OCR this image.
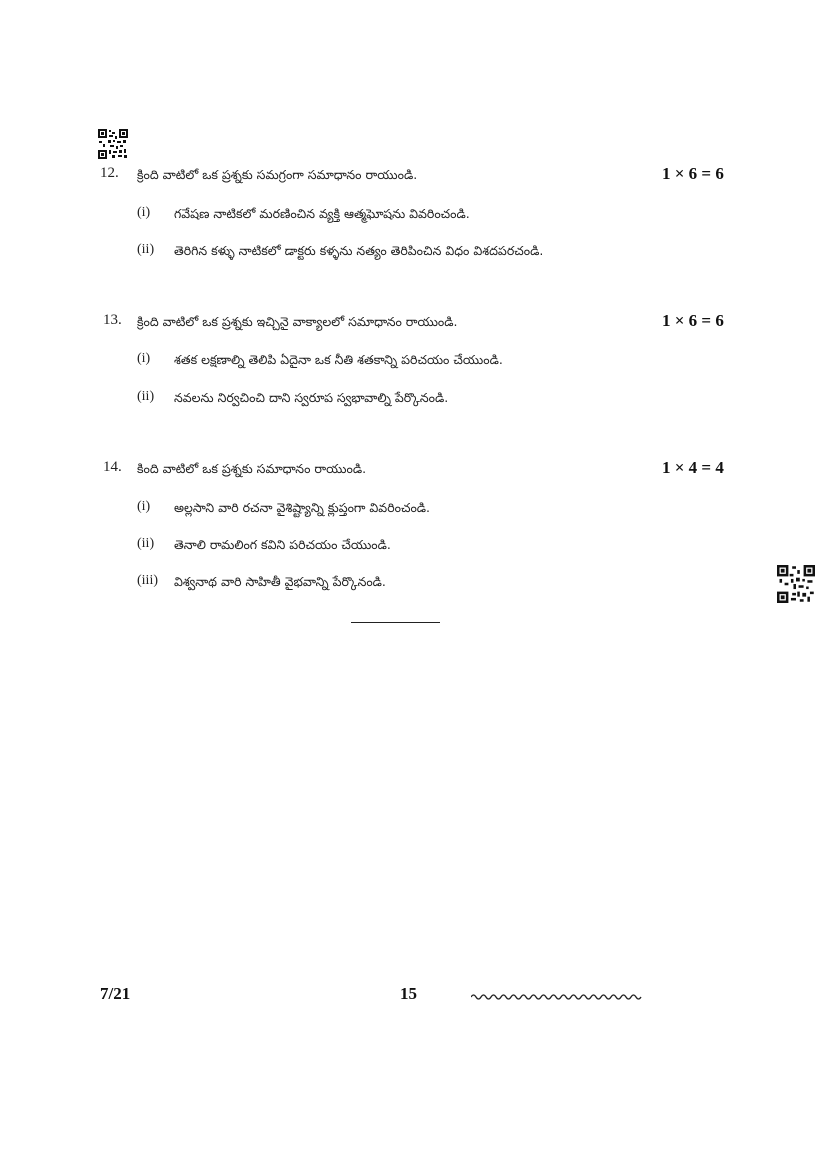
12. క్రింది వాటిలో ఒక ప్రశ్నకు సమగ్రంగా సమాధానం రాయుండి.	1 × 6 = 6
(i) గవేషణ నాటికలో మరణించిన వ్యక్తి ఆత్మఘోషను వివరించండి.
(ii) తెరిగిన కళ్ళు నాటికలో డాక్టరు కళ్ళను నత్యం తెరిపించిన విధం విశదపరచండి.
13. క్రింది వాటిలో ఒక ప్రశ్నకు ఇచ్చినై వాక్యాలలో సమాధానం రాయుండి.	1 × 6 = 6
(i) శతక లక్షణాల్ని తెలిపి ఏదైనా ఒక నీతి శతకాన్ని పరిచయం చేయుండి.
(ii) నవలను నిర్వచించి దాని స్వరూప స్వభావాల్ని పేర్కొనండి.
14. కింది వాటిలో ఒక ప్రశ్నకు సమాధానం రాయుండి.	1 × 4 = 4
(i) అల్లసాని వారి రచనా వైశిష్ట్యాన్ని క్లుప్తంగా వివరించండి.
(ii) తెనాలి రామలింగ కవిని పరిచయం చేయుండి.
(iii) విశ్వనాథ వారి సాహితీ వైభవాన్ని పేర్కొనండి.
7/21	15
